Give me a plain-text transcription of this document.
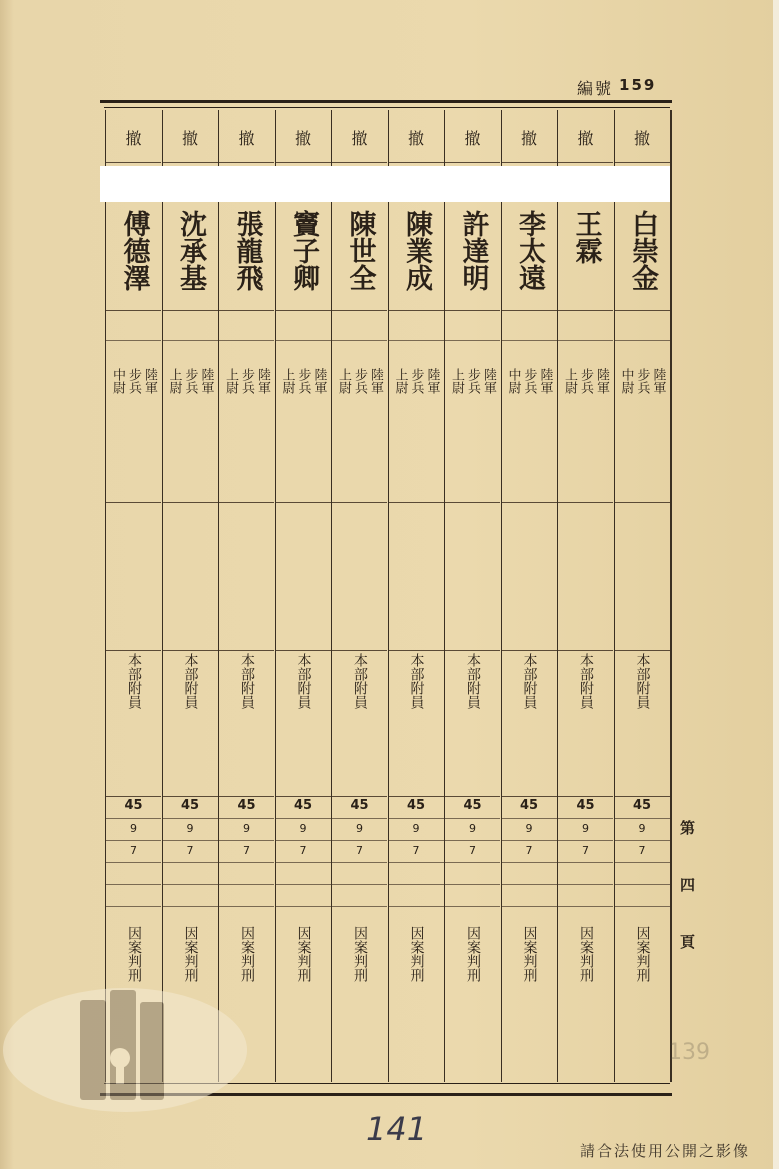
編號 159
撤
白崇金
陸軍
步兵
中尉
本部附員
45
9
7
因案判刑
撤
王霖
陸軍
步兵
上尉
本部附員
45
9
7
因案判刑
撤
李太遠
陸軍
步兵
中尉
本部附員
45
9
7
因案判刑
撤
許達明
陸軍
步兵
上尉
本部附員
45
9
7
因案判刑
撤
陳業成
陸軍
步兵
上尉
本部附員
45
9
7
因案判刑
撤
陳世全
陸軍
步兵
上尉
本部附員
45
9
7
因案判刑
撤
竇子卿
陸軍
步兵
上尉
本部附員
45
9
7
因案判刑
撤
張龍飛
陸軍
步兵
上尉
本部附員
45
9
7
因案判刑
撤
沈承基
陸軍
步兵
上尉
本部附員
45
9
7
因案判刑
撤
傅德澤
陸軍
步兵
中尉
本部附員
45
9
7
因案判刑	第四頁
139
141
請合法使用公開之影像
